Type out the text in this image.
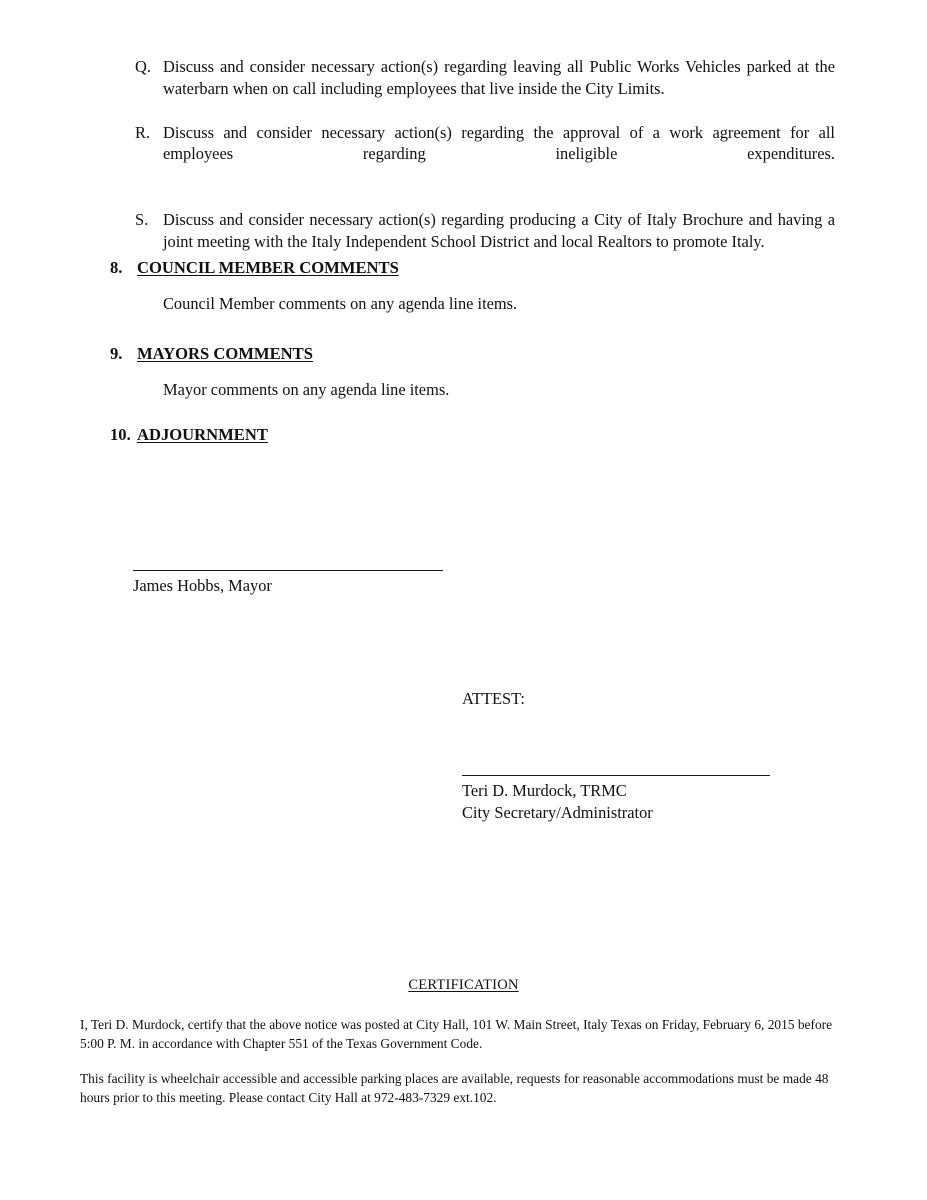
Q. Discuss and consider necessary action(s) regarding leaving all Public Works Vehicles parked at the waterbarn when on call including employees that live inside the City Limits.
R. Discuss and consider necessary action(s) regarding the approval of a work agreement for all employees regarding ineligible expenditures.
S. Discuss and consider necessary action(s) regarding producing a City of Italy Brochure and having a joint meeting with the Italy Independent School District and local Realtors to promote Italy.
8. COUNCIL MEMBER COMMENTS
Council Member comments on any agenda line items.
9. MAYORS COMMENTS
Mayor comments on any agenda line items.
10. ADJOURNMENT
James Hobbs, Mayor
ATTEST:
Teri D. Murdock, TRMC
City Secretary/Administrator
CERTIFICATION
I, Teri D. Murdock, certify that the above notice was posted at City Hall, 101 W. Main Street, Italy Texas on Friday, February 6, 2015 before 5:00 P. M. in accordance with Chapter 551 of the Texas Government Code.
This facility is wheelchair accessible and accessible parking places are available, requests for reasonable accommodations must be made 48 hours prior to this meeting. Please contact City Hall at 972-483-7329 ext.102.
